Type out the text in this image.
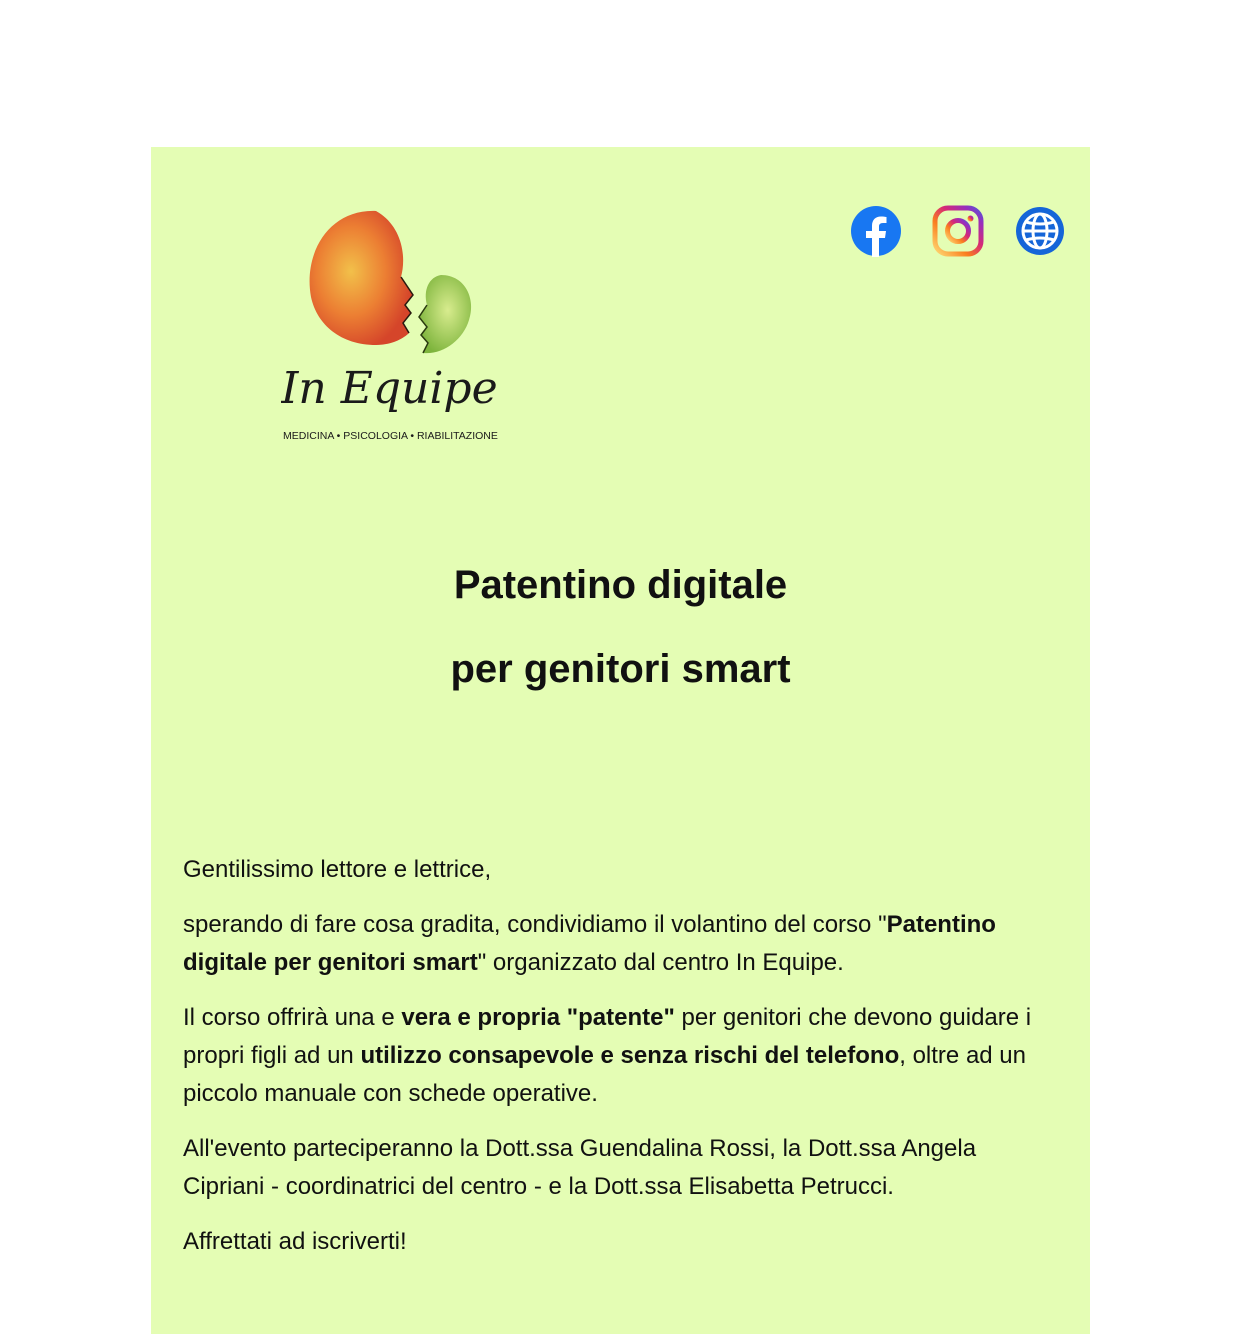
In Equipe
MEDICINA • PSICOLOGIA • RIABILITAZIONE
Patentino digitale
per genitori smart

Gentilissimo lettore e lettrice,

sperando di fare cosa gradita, condividiamo il volantino del corso "Patentino digitale per genitori smart" organizzato dal centro In Equipe.

Il corso offrirà una e vera e propria "patente" per genitori che devono guidare i propri figli ad un utilizzo consapevole e senza rischi del telefono, oltre ad un piccolo manuale con schede operative.

All'evento parteciperanno la Dott.ssa Guendalina Rossi, la Dott.ssa Angela Cipriani - coordinatrici del centro - e la Dott.ssa Elisabetta Petrucci.

Affrettati ad iscriverti!
